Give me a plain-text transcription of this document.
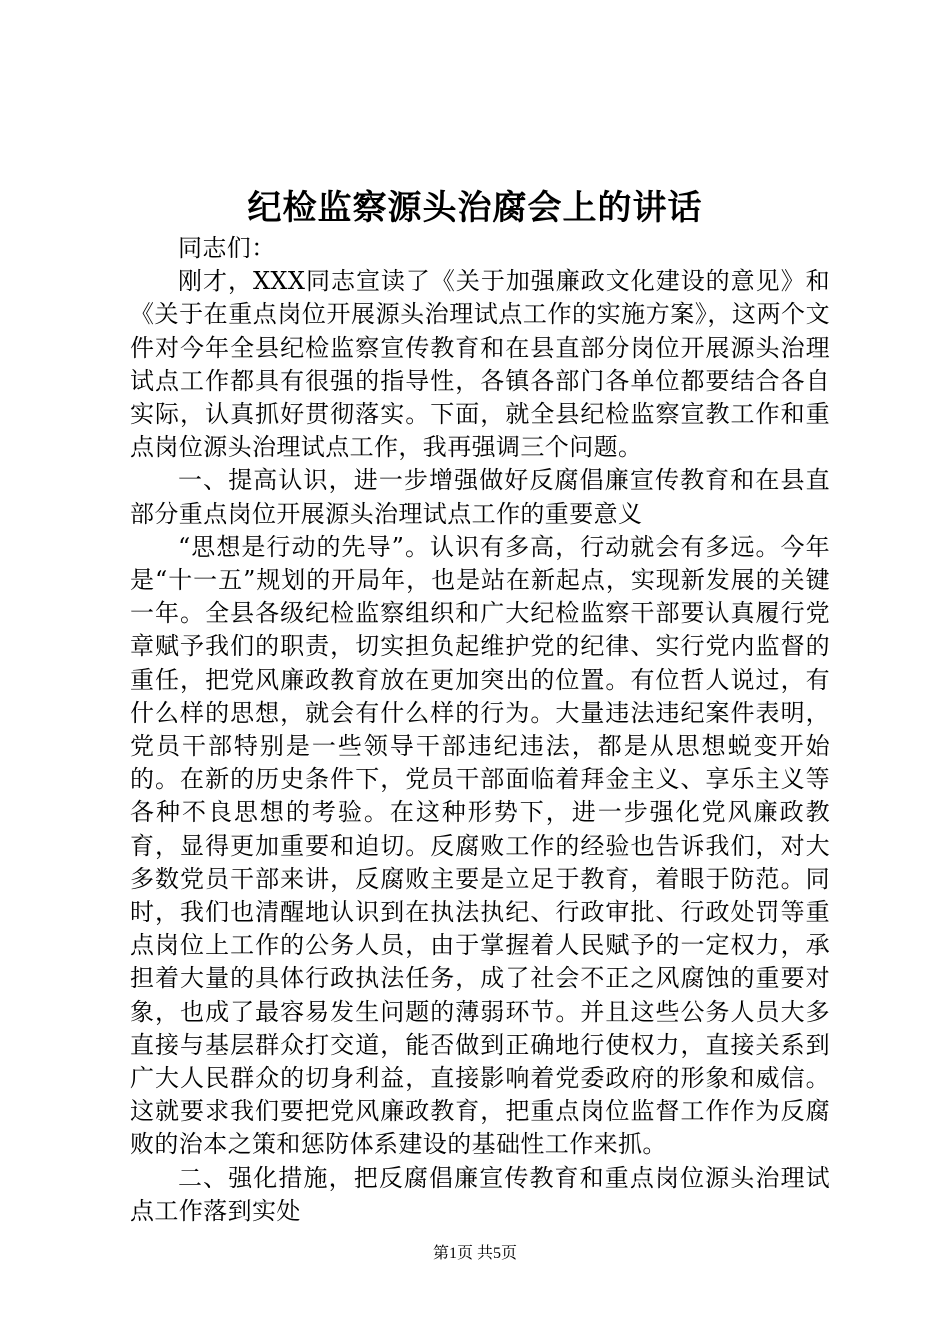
纪检监察源头治腐会上的讲话

同志们：

刚才，XXX同志宣读了《关于加强廉政文化建设的意见》和《关于在重点岗位开展源头治理试点工作的实施方案》，这两个文件对今年全县纪检监察宣传教育和在县直部分岗位开展源头治理试点工作都具有很强的指导性，各镇各部门各单位都要结合各自实际，认真抓好贯彻落实。下面，就全县纪检监察宣教工作和重点岗位源头治理试点工作，我再强调三个问题。

一、提高认识，进一步增强做好反腐倡廉宣传教育和在县直部分重点岗位开展源头治理试点工作的重要意义

“思想是行动的先导”。认识有多高，行动就会有多远。今年是“十一五”规划的开局年，也是站在新起点，实现新发展的关键一年。全县各级纪检监察组织和广大纪检监察干部要认真履行党章赋予我们的职责，切实担负起维护党的纪律、实行党内监督的重任，把党风廉政教育放在更加突出的位置。有位哲人说过，有什么样的思想，就会有什么样的行为。大量违法违纪案件表明，党员干部特别是一些领导干部违纪违法，都是从思想蜕变开始的。在新的历史条件下，党员干部面临着拜金主义、享乐主义等各种不良思想的考验。在这种形势下，进一步强化党风廉政教育，显得更加重要和迫切。反腐败工作的经验也告诉我们，对大多数党员干部来讲，反腐败主要是立足于教育，着眼于防范。同时，我们也清醒地认识到在执法执纪、行政审批、行政处罚等重点岗位上工作的公务人员，由于掌握着人民赋予的一定权力，承担着大量的具体行政执法任务，成了社会不正之风腐蚀的重要对象，也成了最容易发生问题的薄弱环节。并且这些公务人员大多直接与基层群众打交道，能否做到正确地行使权力，直接关系到广大人民群众的切身利益，直接影响着党委政府的形象和威信。这就要求我们要把党风廉政教育，把重点岗位监督工作作为反腐败的治本之策和惩防体系建设的基础性工作来抓。

二、强化措施，把反腐倡廉宣传教育和重点岗位源头治理试点工作落到实处

第1页 共5页
